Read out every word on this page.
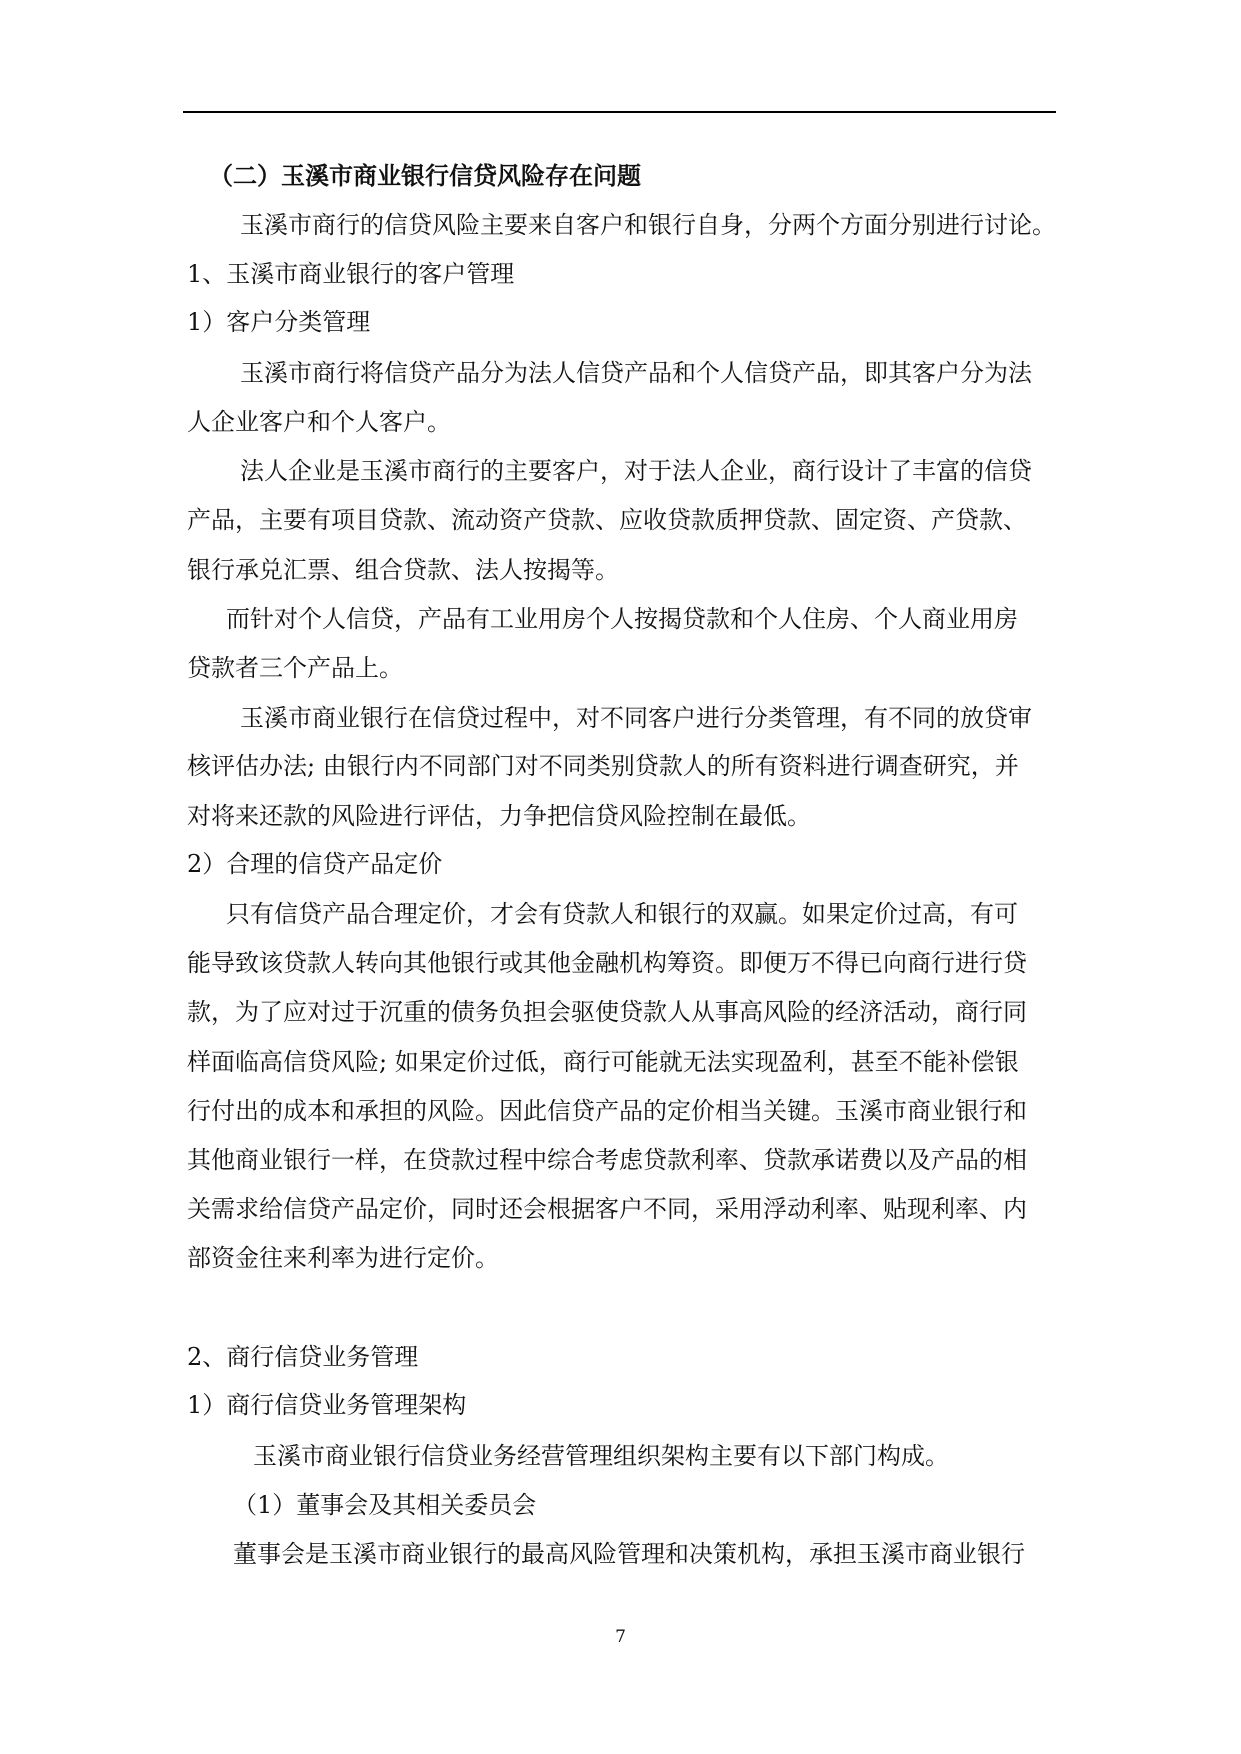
（二）玉溪市商业银行信贷风险存在问题
玉溪市商行的信贷风险主要来自客户和银行自身，分两个方面分别进行讨论。
1、玉溪市商业银行的客户管理
1）客户分类管理
玉溪市商行将信贷产品分为法人信贷产品和个人信贷产品，即其客户分为法
人企业客户和个人客户。
法人企业是玉溪市商行的主要客户，对于法人企业，商行设计了丰富的信贷
产品，主要有项目贷款、流动资产贷款、应收贷款质押贷款、固定资、产贷款、
银行承兑汇票、组合贷款、法人按揭等。
而针对个人信贷，产品有工业用房个人按揭贷款和个人住房、个人商业用房
贷款者三个产品上。
玉溪市商业银行在信贷过程中，对不同客户进行分类管理，有不同的放贷审
核评估办法; 由银行内不同部门对不同类别贷款人的所有资料进行调查研究，并
对将来还款的风险进行评估，力争把信贷风险控制在最低。
2）合理的信贷产品定价
只有信贷产品合理定价，才会有贷款人和银行的双赢。如果定价过高，有可
能导致该贷款人转向其他银行或其他金融机构筹资。即便万不得已向商行进行贷
款，为了应对过于沉重的债务负担会驱使贷款人从事高风险的经济活动，商行同
样面临高信贷风险; 如果定价过低，商行可能就无法实现盈利，甚至不能补偿银
行付出的成本和承担的风险。因此信贷产品的定价相当关键。玉溪市商业银行和
其他商业银行一样，在贷款过程中综合考虑贷款利率、贷款承诺费以及产品的相
关需求给信贷产品定价，同时还会根据客户不同，采用浮动利率、贴现利率、内
部资金往来利率为进行定价。
2、商行信贷业务管理
1）商行信贷业务管理架构
玉溪市商业银行信贷业务经营管理组织架构主要有以下部门构成。
（1）董事会及其相关委员会
董事会是玉溪市商业银行的最高风险管理和决策机构，承担玉溪市商业银行
7
